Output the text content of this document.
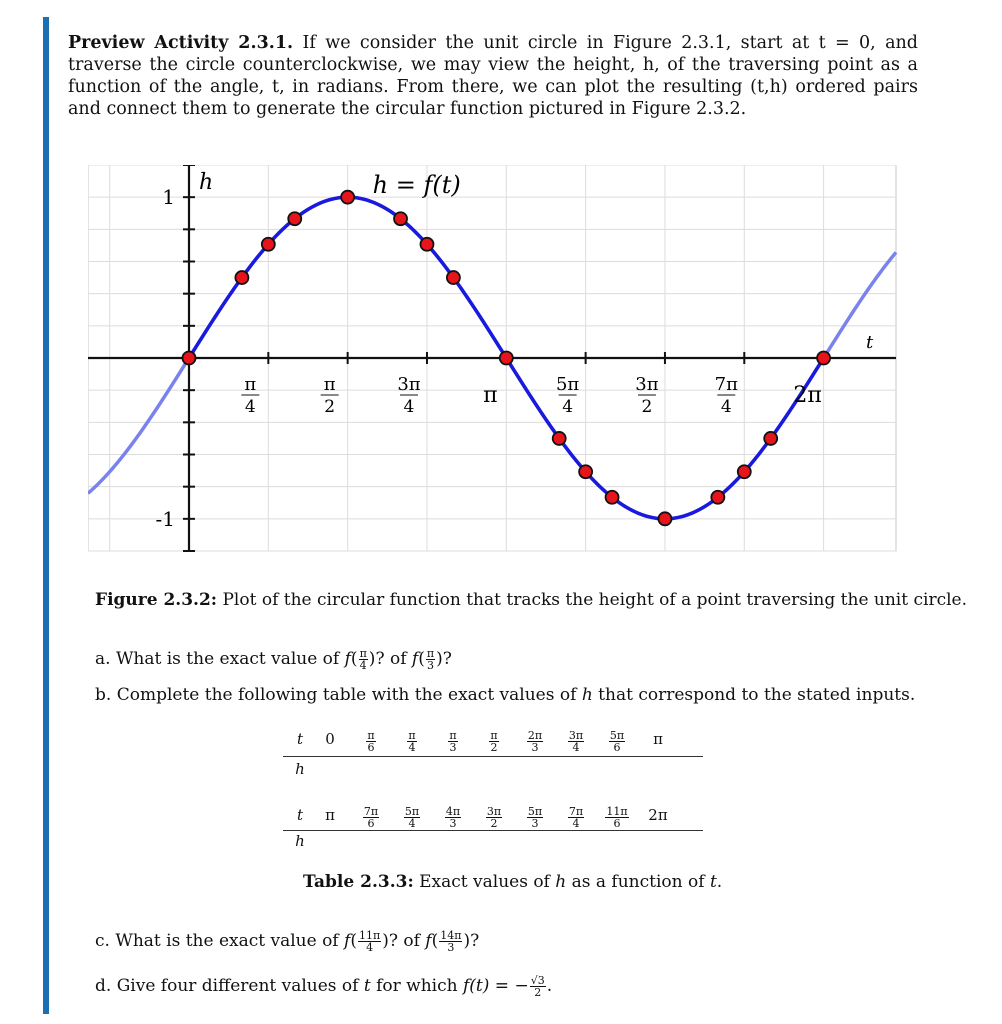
Preview Activity 2.3.1. If we consider the unit circle in Figure 2.3.1, start at t = 0, and traverse the circle counterclockwise, we may view the height, h, of the traversing point as a function of the angle, t, in radians. From there, we can plot the resulting (t,h) ordered pairs and connect them to generate the circular function pictured in Figure 2.3.2.
π
4
π
2
3π
4	π	5π
4
3π
2
7π
4	2π
1
-1
h
t
h = f(t)
Figure 2.3.2: Plot of the circular function that tracks the height of a point traversing the unit circle.
a. What is the exact value of $f( \frac{\pi}{4}$ )? of $f( \frac{\pi}{3}$ )?
b. Complete the following table with the exact values of h that correspond to the stated inputs.
t	0	$\frac{\pi}{6}$	$\frac{\pi}{4}$	$\frac{\pi}{3}$	$\frac{\pi}{2}$	$\frac{2\pi}{3} \frac{3\pi}{4} \frac{5\pi}{6}$	π
h
t	π	$\frac{7\pi}{6} \frac{5\pi}{4} \frac{4\pi}{3} \frac{3\pi}{2} \frac{5\pi}{3} \frac{7\pi}{4} \frac{11\pi}{6}$	2π
h
Table 2.3.3: Exact values of h as a function of t.
c. What is the exact value of $f( \frac{11\pi}{4}$ )? of $f( \frac{14\pi}{3}$ )?
d. Give four different values of t for which f(t) = − $\frac{√3}{2}$ .
